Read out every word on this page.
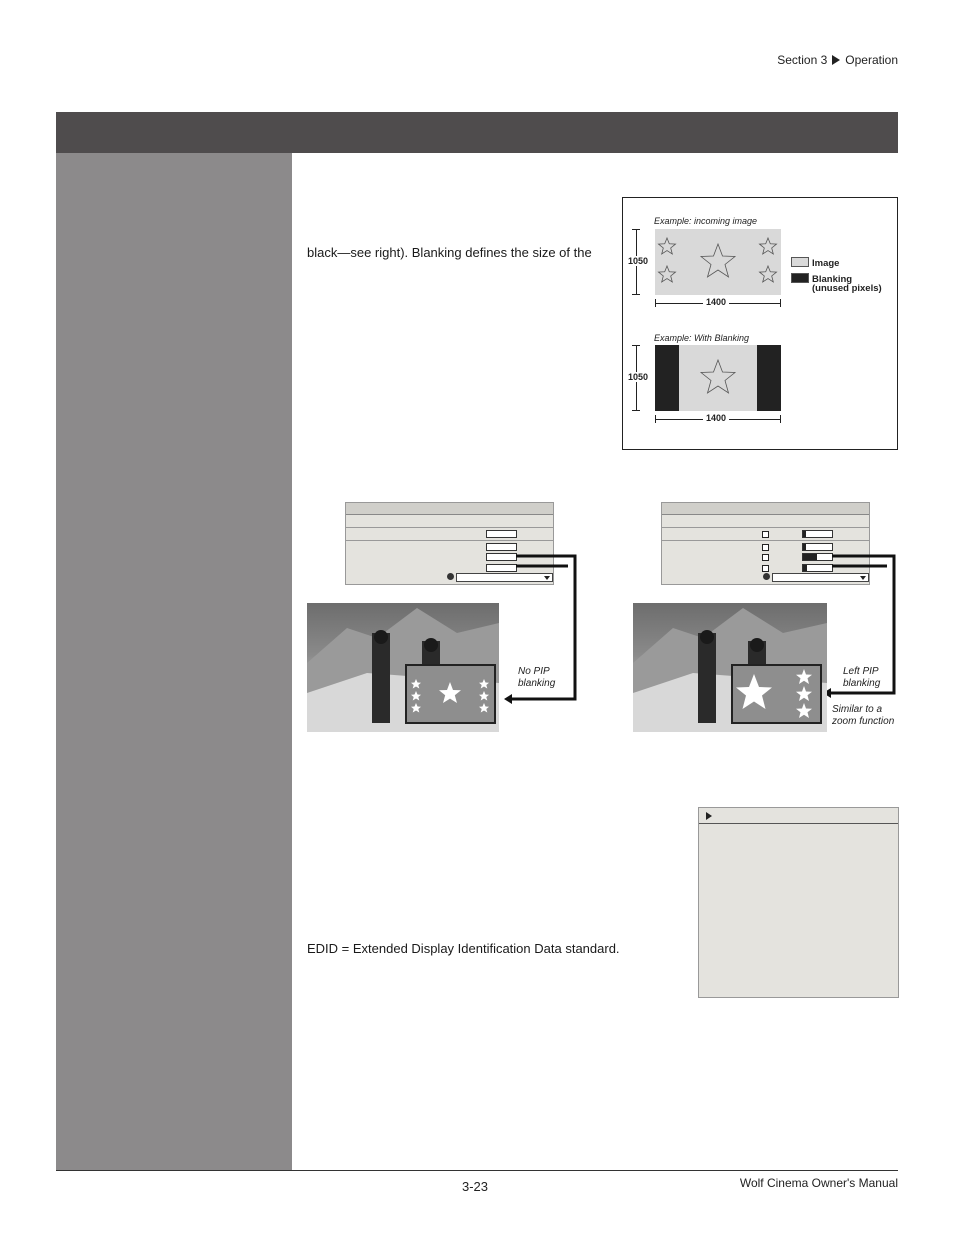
Section 3 Operation
black—see right). Blanking defines the size of the
EDID = Extended Display Identification Data standard.
Example: incoming image
1050
1400
Image
Blanking
(unused pixels)
Example: With Blanking
1050
1400
No PIP
blanking
Left PIP
blanking
Similar to a
zoom function
3-23	Wolf Cinema Owner's Manual
